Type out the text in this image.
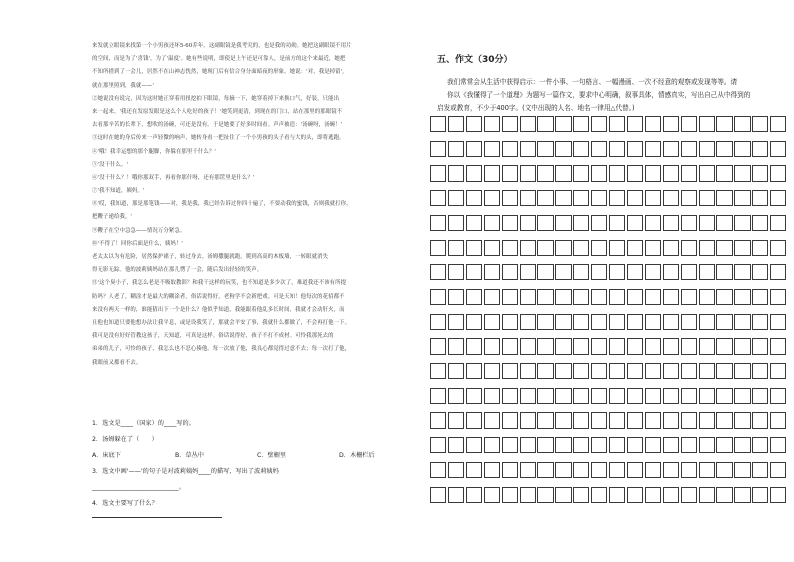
来发就立眼镜来找第一个小男孩还坏5-60乔年。这副眼镜是我考究的，也是我的功勋。她把这副眼镜不用片
的空间，而是为了'喜钱'，为了'温度'。她有些说明，即使是上午还是可靠人，是前方的这个来最近，她把
不知所措到了一会儿，居然不在山神志恍然，她现门后有信合身分面暗夜的形象。她说：'对，我是掉留',
就在那里照到，我就——'
②她说没有说完，因为这时她正穿着用扭挖拍下眼镜，每摘一下，她穿着掉下来换口气，好装，只能出
来一起来。'我还在发原发眼是这么个人吃好的孩子！'她笑到更清，到现在的门口，站在那里的那眼镜不
去看那辛苦的长辈下，想吹的汤碗，可还是没有。于是她要了好多时间看。声声被造：'汤碗呀，汤碗！'
③这时在她的身后传来一声轻微的响声，她转身看一把扯住了一个小男孩的头子看与大的头，即将逃跑。
④'哦！我幸运想的那个腿脚，你躲在那里干什么？'
⑤'没干什么。'
⑥'没干什么？！哦你那双手，再看你那什呀，还有那筐里是什么？'
⑦'我不知道，姨妈。'
⑧'哎，我知道，那是那笔钱——对，我是我，我已经告诉过你四十遍了，不要动我的蜜钱，否则我就打你，
把鞭子递给我。'
⑨鞭子在空中急急——情况万分紧急。
⑩'不得了！回你后面是什么，姨妈！'
老太太以为有危险，居然保护裙子，转过身去。汤姆撒腿就跑，爬到高高的木板墙，一转眼就消失
得无影无踪。他的波莉姨妈站在那儿愣了一会，随后发出轻轻的笑声。
⑪'这个臭小子，我怎么老是不吸取教训？和我干这样的玩笑，也不知道是多少次了，难道我还不该有所提
防吗？人老了，糊涂才是最大的糊涂者。俗话说得好，老狗学不会新把戏。可是天知！他每次的花招都不
来没有两天一样的，谁能猜出下一个是什么？他似乎知道，我能跟着他乱多长时间，我就才会动肝火，而
且他也知道只要他想办法让我平息，或是设我笑了，那就会平安了事，我就什么都做了，不会再打他一下。
我可是没有好好管教这孩子，天知道，可真是这样。俗话说得好，孩子不打不成材。可怜我那死去的
弟弟的儿子，可怜的孩子，我怎么也不忍心揍他。每一次放了他，我良心都觉得过意不去；每一次打了他，
我眼前又都看不去。
1．选文是____（国家）的____写的。
2．汤姆躲在了（　　）
A．床底下	B．草丛中	C．壁橱里	D．木栅栏后
3．选文中画'——'的句子是对波莉姨妈____的描写，写出了波莉姨妈
____________________________。
4．选文主要写了什么？
五、作文（30分）
我们常常会从生活中获得启示：一件小事、一句格言、一幅漫画、一次不经意的观察或发现等等。请
你以《我懂得了一个道理》为题写一篇作文，要求中心明确，叙事具体，情感真实，写出自己从中得到的
启发或教育，不少于400字。(文中出现的人名、地名一律用△代替。)
